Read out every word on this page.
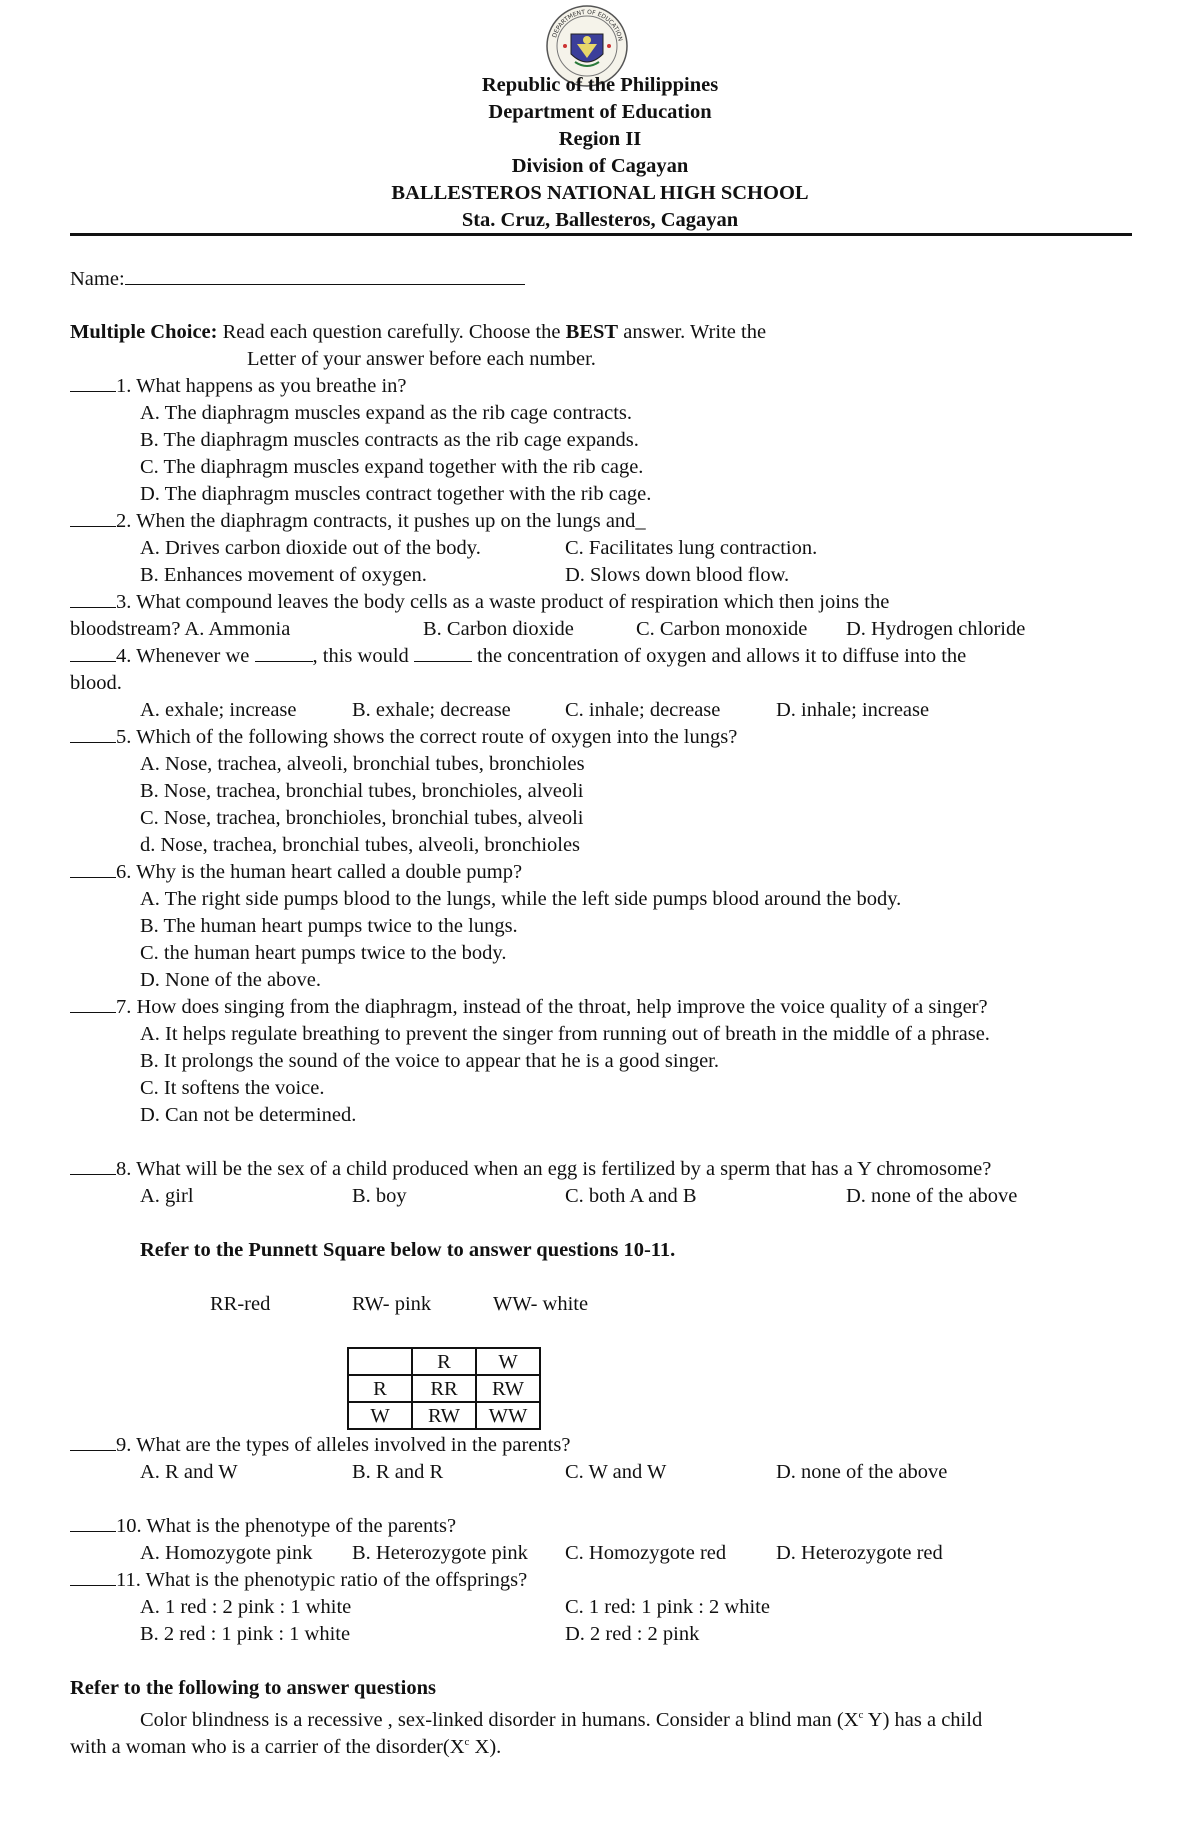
DEPARTMENT OF EDUCATION
Republic of the Philippines
Department of Education
Region II
Division of Cagayan
BALLESTEROS NATIONAL HIGH SCHOOL
Sta. Cruz, Ballesteros, Cagayan
Name:
Multiple Choice: Read each question carefully. Choose the BEST answer. Write the
Letter of your answer before each number.
1. What happens as you breathe in?
A. The diaphragm muscles expand as the rib cage contracts.
B. The diaphragm muscles contracts as the rib cage expands.
C. The diaphragm muscles expand together with the rib cage.
D. The diaphragm muscles contract together with the rib cage.
2. When the diaphragm contracts, it pushes up on the lungs and_
A. Drives carbon dioxide out of the body.	C. Facilitates lung contraction.
B. Enhances movement of oxygen.	D. Slows down blood flow.
3. What compound leaves the body cells as a waste product of respiration which then joins the
bloodstream? A. Ammonia	B. Carbon dioxide	C. Carbon monoxide D. Hydrogen chloride
4. Whenever we	, this would	the concentration of oxygen and allows it to diffuse into the
blood.
A. exhale; increase	B. exhale; decrease	C. inhale; decrease	D. inhale; increase
5. Which of the following shows the correct route of oxygen into the lungs?
A. Nose, trachea, alveoli, bronchial tubes, bronchioles
B. Nose, trachea, bronchial tubes, bronchioles, alveoli
C. Nose, trachea, bronchioles, bronchial tubes, alveoli
d. Nose, trachea, bronchial tubes, alveoli, bronchioles
6. Why is the human heart called a double pump?
A. The right side pumps blood to the lungs, while the left side pumps blood around the body.
B. The human heart pumps twice to the lungs.
C. the human heart pumps twice to the body.
D. None of the above.
7. How does singing from the diaphragm, instead of the throat, help improve the voice quality of a singer?
A. It helps regulate breathing to prevent the singer from running out of breath in the middle of a phrase.
B. It prolongs the sound of the voice to appear that he is a good singer.
C. It softens the voice.
D. Can not be determined.
8. What will be the sex of a child produced when an egg is fertilized by a sperm that has a Y chromosome?
A. girl	B. boy	C. both A and B	D. none of the above
Refer to the Punnett Square below to answer questions 10-11.
RR-red	RW- pink	WW- white
	R	W
R	RR	RW
W	RW	WW
9. What are the types of alleles involved in the parents?
A. R and W	B. R and R	C. W and W	D. none of the above
10. What is the phenotype of the parents?
A. Homozygote pink B. Heterozygote pink C. Homozygote red D. Heterozygote red
11. What is the phenotypic ratio of the offsprings?
A. 1 red : 2 pink : 1 white	C. 1 red: 1 pink : 2 white
B. 2 red : 1 pink : 1 white	D. 2 red : 2 pink
Refer to the following to answer questions
Color blindness is a recessive , sex-linked disorder in humans. Consider a blind man ($X^c$ Y) has a child
with a woman who is a carrier of the $disorder(X^c$ X).
